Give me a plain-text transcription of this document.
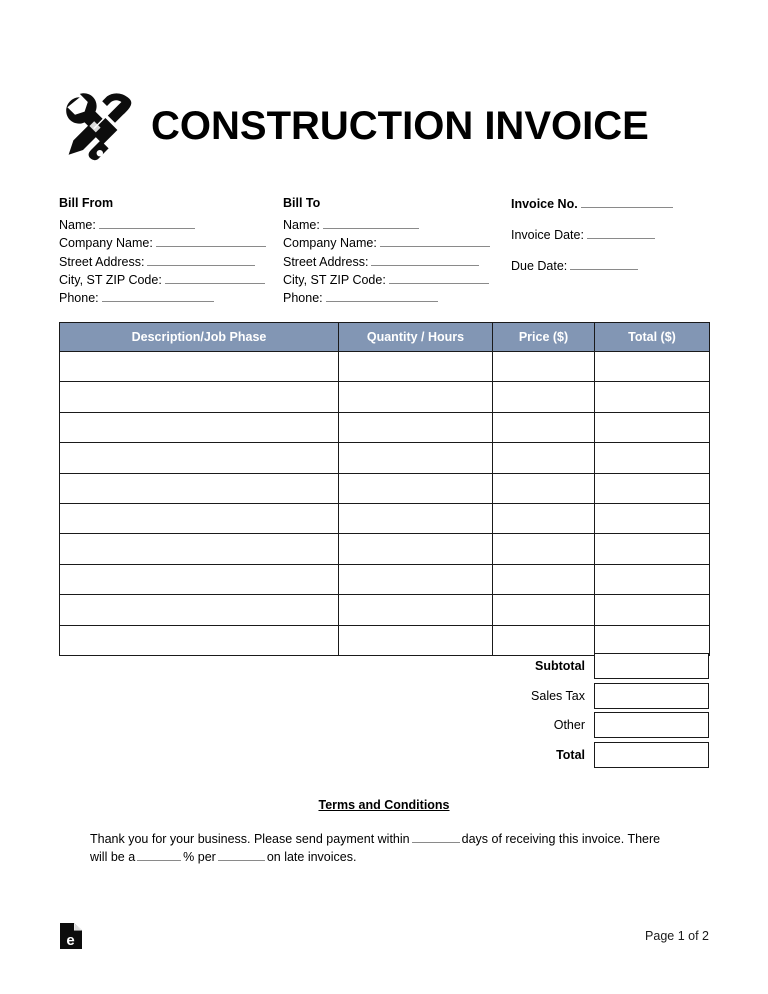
CONSTRUCTION INVOICE
Bill From
Name:
Company Name:
Street Address:
City, ST ZIP Code:
Phone:
Bill To
Name:
Company Name:
Street Address:
City, ST ZIP Code:
Phone:
Invoice No.
Invoice Date:
Due Date:
Description/Job Phase	Quantity / Hours	Price ($)	Total ($)

Subtotal
Sales Tax
Other
Total
Terms and Conditions
Thank you for your business. Please send payment within	days of receiving this invoice. There will be a	% per	on late invoices.
e	Page 1 of 2
